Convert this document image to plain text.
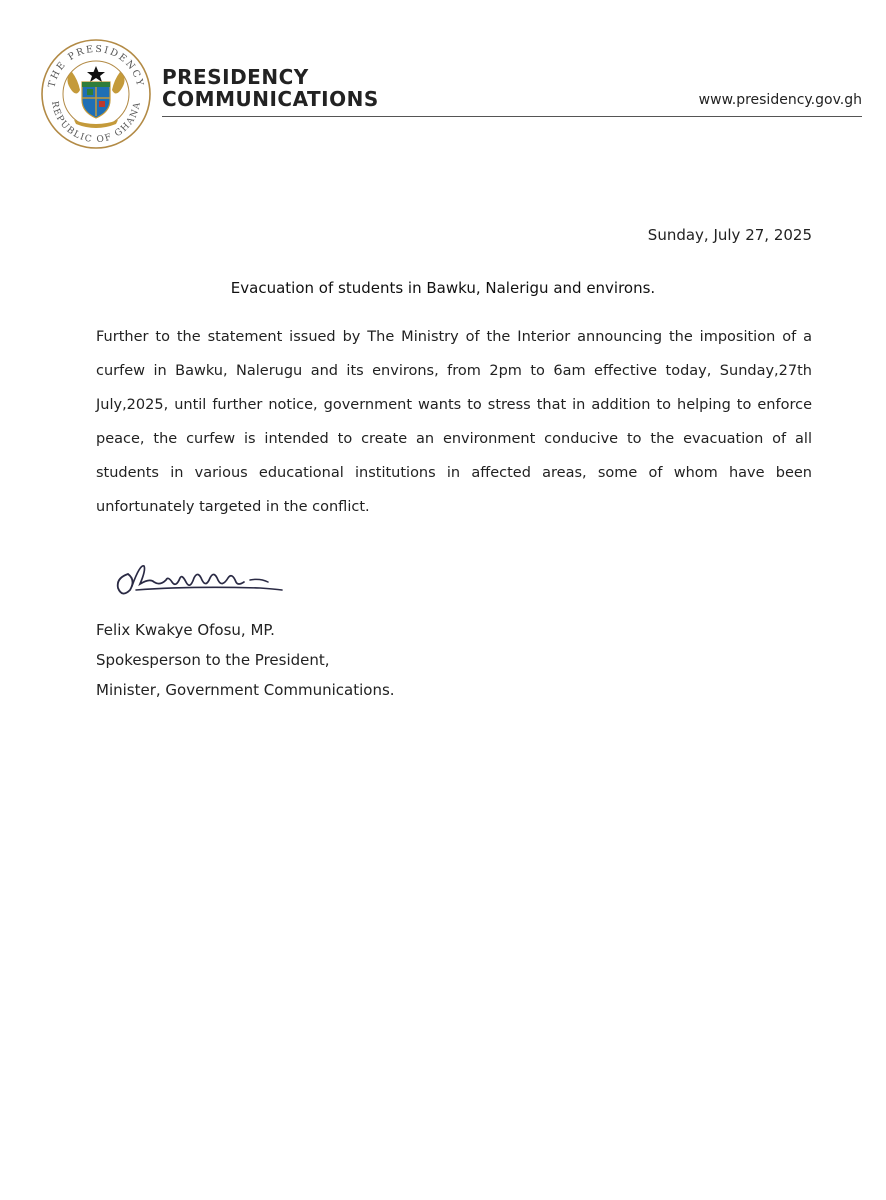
THE PRESIDENCY
REPUBLIC OF GHANA
PRESIDENCY
COMMUNICATIONS	www.presidency.gov.gh
Sunday, July 27, 2025
Evacuation of students in Bawku, Nalerigu and environs.
Further to the statement issued by The Ministry of the Interior announcing the imposition of a curfew in Bawku, Nalerugu and its environs, from 2pm to 6am effective today, Sunday,27th July,2025, until further notice, government wants to stress that in addition to helping to enforce peace, the curfew is intended to create an environment conducive to the evacuation of all students in various educational institutions in affected areas, some of whom have been unfortunately targeted in the conflict.
Felix Kwakye Ofosu, MP.
Spokesperson to the President,
Minister, Government Communications.
